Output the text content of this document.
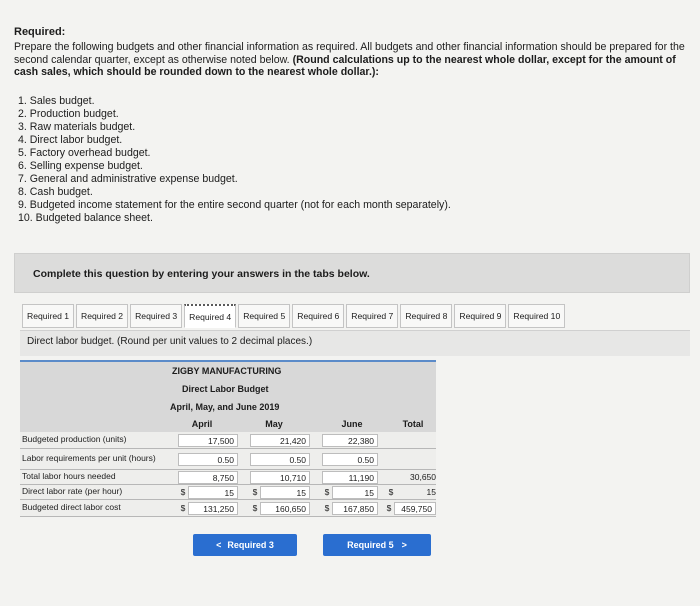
Required:
Prepare the following budgets and other financial information as required. All budgets and other financial information should be prepared for the second calendar quarter, except as otherwise noted below. (Round calculations up to the nearest whole dollar, except for the amount of cash sales, which should be rounded down to the nearest whole dollar.):
1. Sales budget.
2. Production budget.
3. Raw materials budget.
4. Direct labor budget.
5. Factory overhead budget.
6. Selling expense budget.
7. General and administrative expense budget.
8. Cash budget.
9. Budgeted income statement for the entire second quarter (not for each month separately).
10. Budgeted balance sheet.
Complete this question by entering your answers in the tabs below.
Required 1	Required 2	Required 3	Required 4	Required 5	Required 6	Required 7	Required 8	Required 9	Required 10
Direct labor budget. (Round per unit values to 2 decimal places.)
ZIGBY MANUFACTURING
Direct Labor Budget
April, May, and June 2019
April	May	June	Total
Budgeted production (units)	17,500	21,420	22,380
Labor requirements per unit (hours)	0.50	0.50	0.50
Total labor hours needed	8,750	10,710	11,190	30,650
Direct labor rate (per hour)	$	15	$	15	$	15	$	15
Budgeted direct labor cost	$	131,250	$	160,650	$	167,850	$	459,750
< Required 3	Required 5 >
